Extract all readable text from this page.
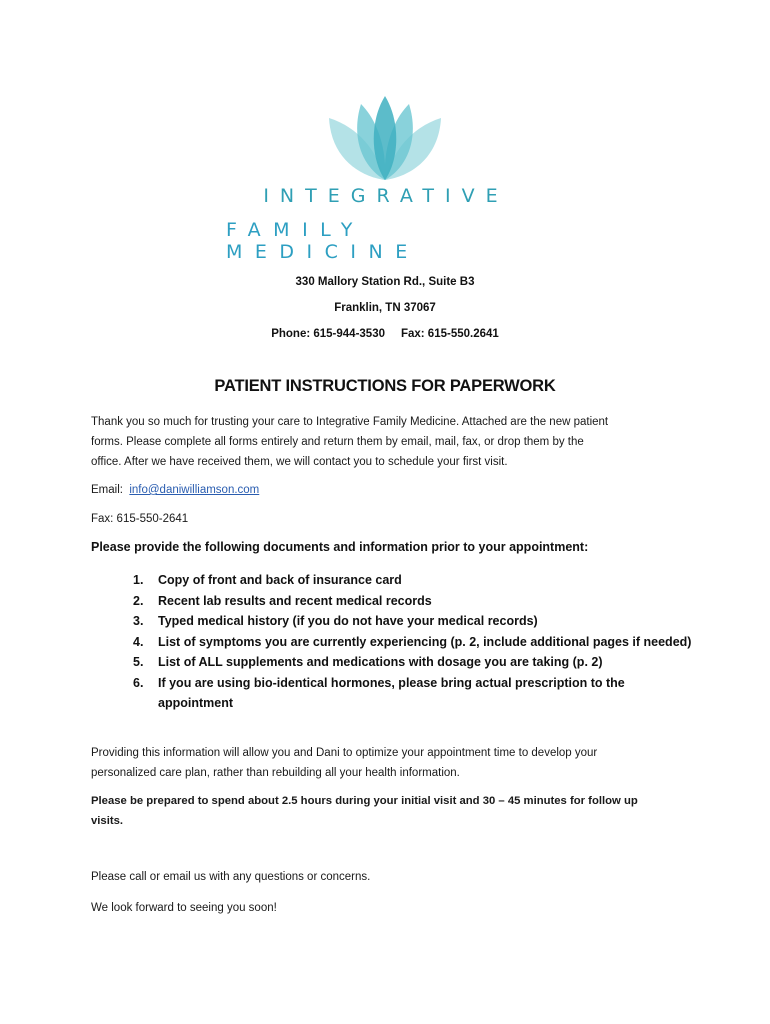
INTEGRATIVE
FAMILY MEDICINE
330 Mallory Station Rd., Suite B3
Franklin, TN 37067
Phone: 615-944-3530     Fax: 615-550.2641
PATIENT INSTRUCTIONS FOR PAPERWORK
Thank you so much for trusting your care to Integrative Family Medicine. Attached are the new patient
forms. Please complete all forms entirely and return them by email, mail, fax, or drop them by the
office. After we have received them, we will contact you to schedule your first visit.
Email:  info@daniwilliamson.com
Fax: 615-550-2641
Please provide the following documents and information prior to your appointment:
1. Copy of front and back of insurance card
2. Recent lab results and recent medical records
3. Typed medical history (if you do not have your medical records)
4. List of symptoms you are currently experiencing (p. 2, include additional pages if needed)
5. List of ALL supplements and medications with dosage you are taking (p. 2)
6. If you are using bio-identical hormones, please bring actual prescription to the appointment
Providing this information will allow you and Dani to optimize your appointment time to develop your
personalized care plan, rather than rebuilding all your health information.
Please be prepared to spend about 2.5 hours during your initial visit and 30 – 45 minutes for follow up
visits.
Please call or email us with any questions or concerns.
We look forward to seeing you soon!
